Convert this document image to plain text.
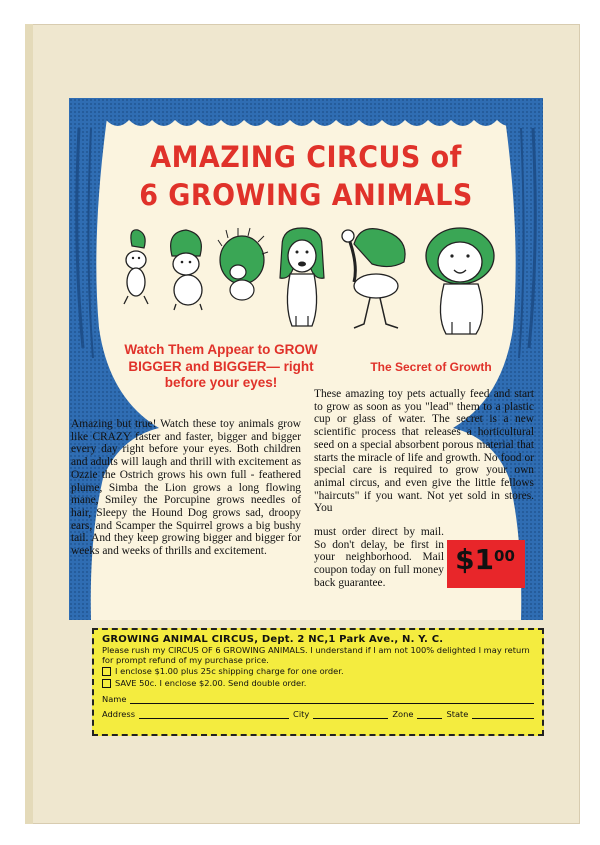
AMAZING CIRCUS of
6 GROWING ANIMALS
Watch Them Appear to GROW BIGGER and BIGGER— right before your eyes!
The Secret of Growth
Amazing but true! Watch these toy animals grow like CRAZY faster and faster, bigger and bigger every day right before your eyes. Both children and adults will laugh and thrill with excitement as Ozzie the Ostrich grows his own full - feathered plume, Simba the Lion grows a long flowing mane, Smiley the Porcupine grows needles of hair, Sleepy the Hound Dog grows sad, droopy ears, and Scamper the Squirrel grows a big bushy tail. And they keep growing bigger and bigger for weeks and weeks of thrills and excitement.
These amazing toy pets actually feed and start to grow as soon as you "lead" them to a plastic cup or glass of water. The secret is a new scientific process that releases a horticultural seed on a special absorbent porous material that starts the miracle of life and growth. No food or special care is required to grow your own animal circus, and even give the little fellows "haircuts" if you want. Not yet sold in stores. You
must order direct by mail. So don't delay, be first in your neighborhood. Mail coupon today on full money back guarantee.
$1 00
GROWING ANIMAL CIRCUS, Dept. 2 NC,1 Park Ave., N. Y. C.
Please rush my CIRCUS OF 6 GROWING ANIMALS. I understand if I am not 100% delighted I may return for prompt refund of my purchase price.
I enclose $1.00 plus 25c shipping charge for one order.
SAVE 50c. I enclose $2.00. Send double order.
Name
Address	City	Zone	State
